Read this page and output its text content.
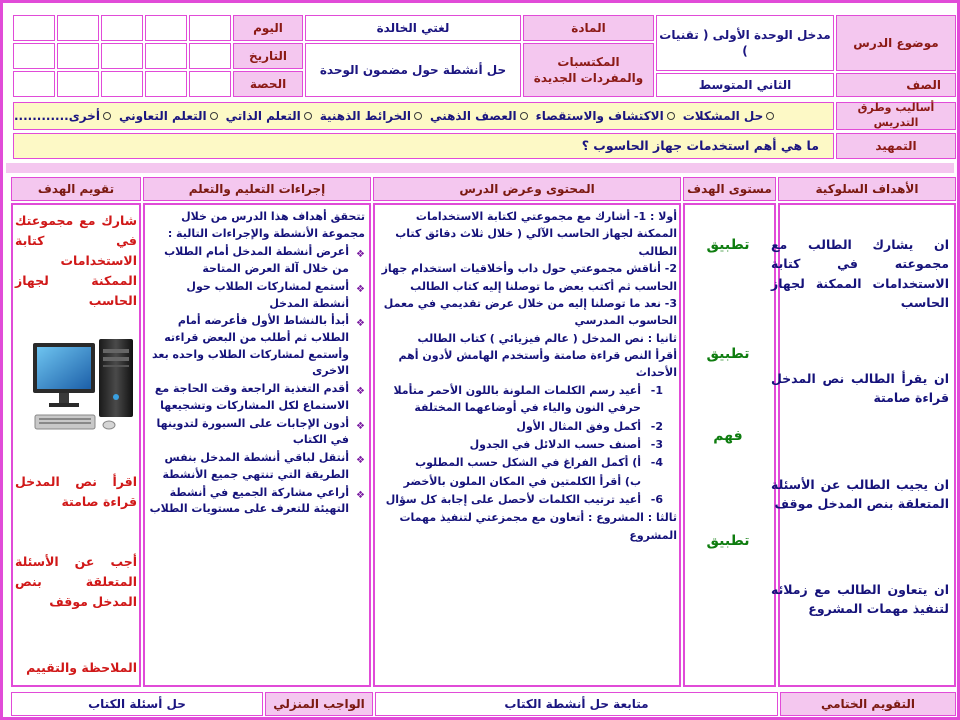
موضوع الدرس
مدخل الوحدة الأولى ( تقنيات )
المادة
لغتي الخالدة
اليوم
المكتسبات والمفردات الجديدة
حل أنشطة حول مضمون الوحدة
التاريخ
الحصة	الصف
الثاني المتوسط
أساليب وطرق التدريس
حل المشكلات
الاكتشاف والاستقصاء
العصف الذهني
الخرائط الذهنية
التعلم الذاتي
التعلم التعاوني
أخرى............
التمهيد
ما هي أهم استخدمات جهاز الحاسوب ؟
الأهداف السلوكية
مستوى الهدف
المحتوى وعرض الدرس
إجراءات التعليم والتعلم
تقويم الهدف
ان يشارك الطالب مع مجموعته في كتابة الاستخدامات الممكنة لجهاز الحاسب
ان يقرأ الطالب نص المدخل قراءة صامتة
ان يجيب الطالب عن الأسئلة المتعلقة بنص المدخل موقف
ان يتعاون الطالب مع زملائه لتنفيذ مهمات المشروع
تطبيق
تطبيق
فهم
تطبيق
أولا : 1- أشارك مع مجموعتي لكتابة الاستخدامات الممكنة لجهاز الحاسب الآلي ( خلال ثلاث دقائق كتاب الطالب
2- أناقش مجموعتي حول داب وأخلاقيات استخدام جهاز الحاسب ثم أكتب بعض ما توصلنا إليه كتاب الطالب
3- نعد ما توصلنا إليه من خلال عرض تقديمي في معمل الحاسوب المدرسي
ثانيا : نص المدخل ( عالم فيزيائي ) كتاب الطالب
أقرأ النص قراءة صامتة وأستخدم الهامش لأدون أهم الأحداث
1-
أعيد رسم الكلمات الملونة باللون الأحمر متأملا حرفي النون والياء في أوضاعهما المختلفة
2-
أكمل وفق المثال الأول
3-
أصنف حسب الدلائل في الجدول
4-
أ) أكمل الفراغ في الشكل حسب المطلوب
ب) أقرأ الكلمتين في المكان الملون بالأخضر
6-
أعيد ترتيب الكلمات لأحصل على إجابة كل سؤال
ثالثا : المشروع : أتعاون مع مجمزعتي لتنفيذ مهمات المشروع
تتحقق أهداف هذا الدرس من خلال مجموعة الأنشطة والإجراءات التالية :
❖
أعرض أنشطة المدخل أمام الطلاب من خلال آلة العرض المتاحة
❖
أستمع لمشاركات الطلاب حول أنشطة المدخل
❖
أبدأ بالنشاط الأول فأعرضه أمام الطلاب ثم أطلب من البعض قراءته وأستمع لمشاركات الطلاب واحده بعد الاخرى
❖
أقدم التغذية الراجعة وقت الحاجة مع الاستماع لكل المشاركات وتشجيعها
❖
أدون الإجابات على السبورة لتدوينها في الكتاب
❖
أنتقل لباقي أنشطة المدخل بنفس الطريقة التي تنتهي جميع الأنشطة
❖
أراعي مشاركة الجميع في أنشطة التهيئة للتعرف على مستويات الطلاب
شارك مع مجموعتك في كتابة الاستخدامات الممكنة لجهاز الحاسب
اقرأ نص المدخل قراءة صامتة
أجب عن الأسئلة المتعلقة بنص المدخل موقف
الملاحظة والتقييم
التقويم الختامي
متابعة حل أنشطة الكتاب
الواجب المنزلي
حل أسئلة الكتاب
